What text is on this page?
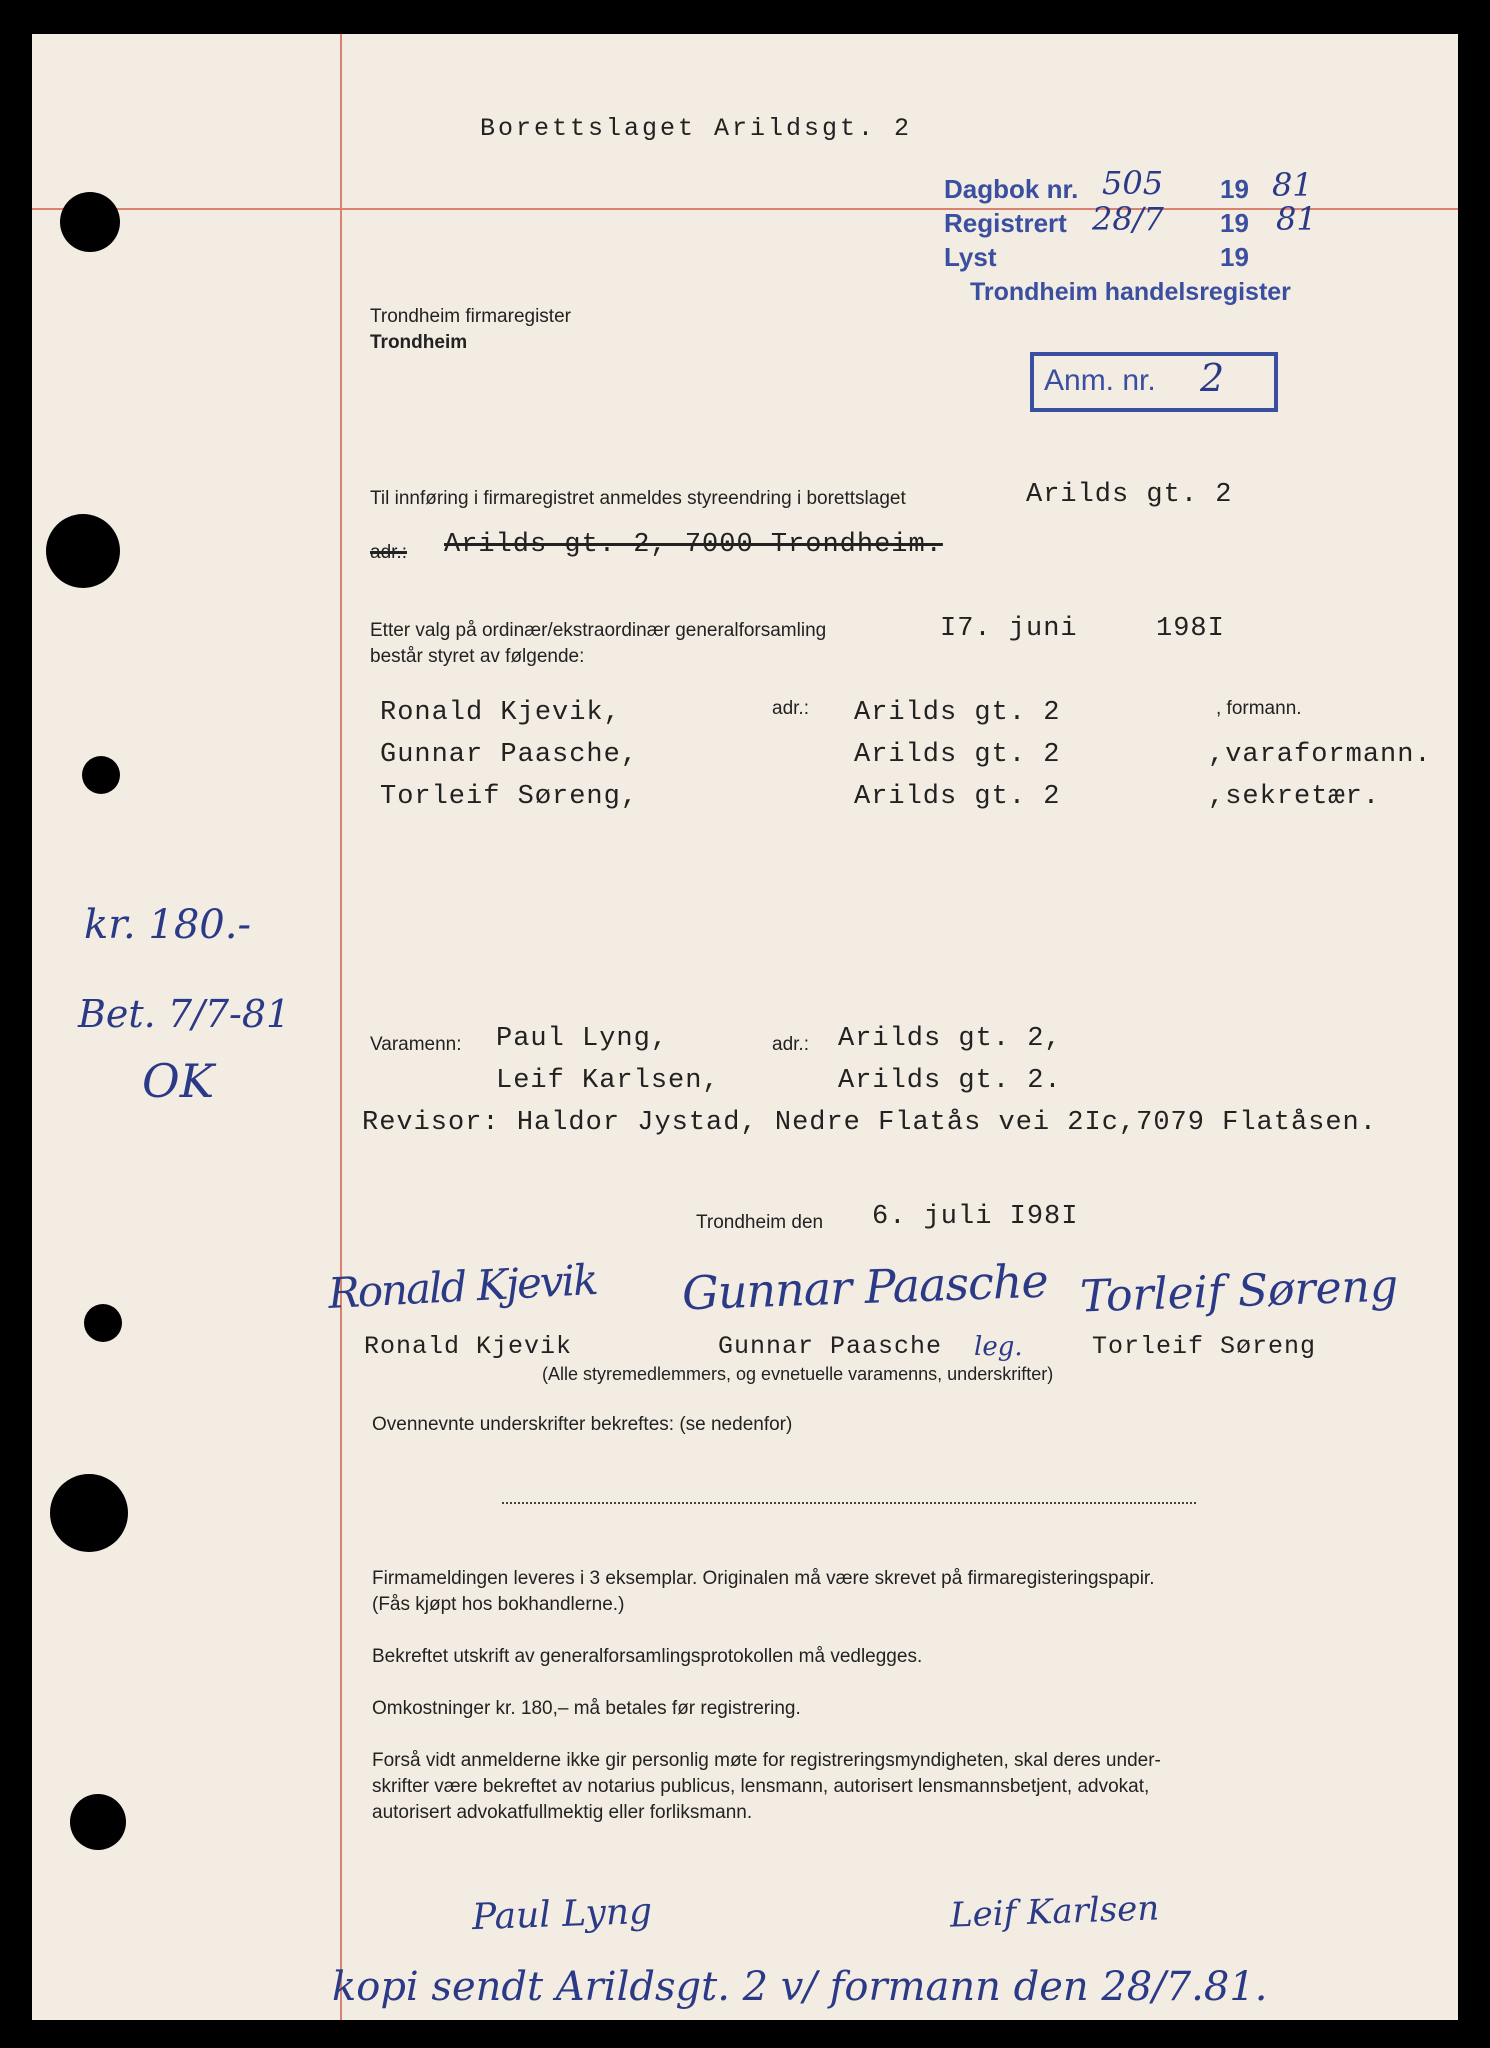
Borettslaget Arildsgt. 2
Dagbok nr. 505 19 81
Registrert 28/7 19 81
Lyst	19
Trondheim handelsregister
Anm. nr. 2
Trondheim firmaregister
Trondheim
Til innføring i firmaregistret anmeldes styreendring i borettslaget	Arilds gt. 2
adr.: Arilds gt. 2, 7000 Trondheim.
Etter valg på ordinær/ekstraordinær generalforsamling
består styret av følgende:
I7. juni	198I
Ronald Kjevik,	adr.: Arilds gt. 2	, formann.
Gunnar Paasche,	Arilds gt. 2	,varaformann.
Torleif Søreng,	Arilds gt. 2	,sekretær.
kr. 180.-
Bet. 7/7-81
OK
Varamenn: Paul Lyng,	adr.: Arilds gt. 2,
Leif Karlsen,	Arilds gt. 2.
Revisor: Haldor Jystad, Nedre Flatås vei 2Ic,7079 Flatåsen.
Trondheim den 6. juli I98I
Ronald Kjevik Gunnar Paasche Torleif Søreng
Ronald Kjevik	Gunnar Paasche leg.	Torleif Søreng
(Alle styremedlemmers, og evnetuelle varamenns, underskrifter)
Ovennevnte underskrifter bekreftes: (se nedenfor)
Firmameldingen leveres i 3 eksemplar. Originalen må være skrevet på firmaregisteringspapir.
(Fås kjøpt hos bokhandlerne.)
Bekreftet utskrift av generalforsamlingsprotokollen må vedlegges.
Omkostninger kr. 180,– må betales før registrering.
Forså vidt anmelderne ikke gir personlig møte for registreringsmyndigheten, skal deres under-
skrifter være bekreftet av notarius publicus, lensmann, autorisert lensmannsbetjent, advokat,
autorisert advokatfullmektig eller forliksmann.
Paul Lyng	Leif Karlsen
kopi sendt Arildsgt. 2 v/ formann den 28/7.81.
